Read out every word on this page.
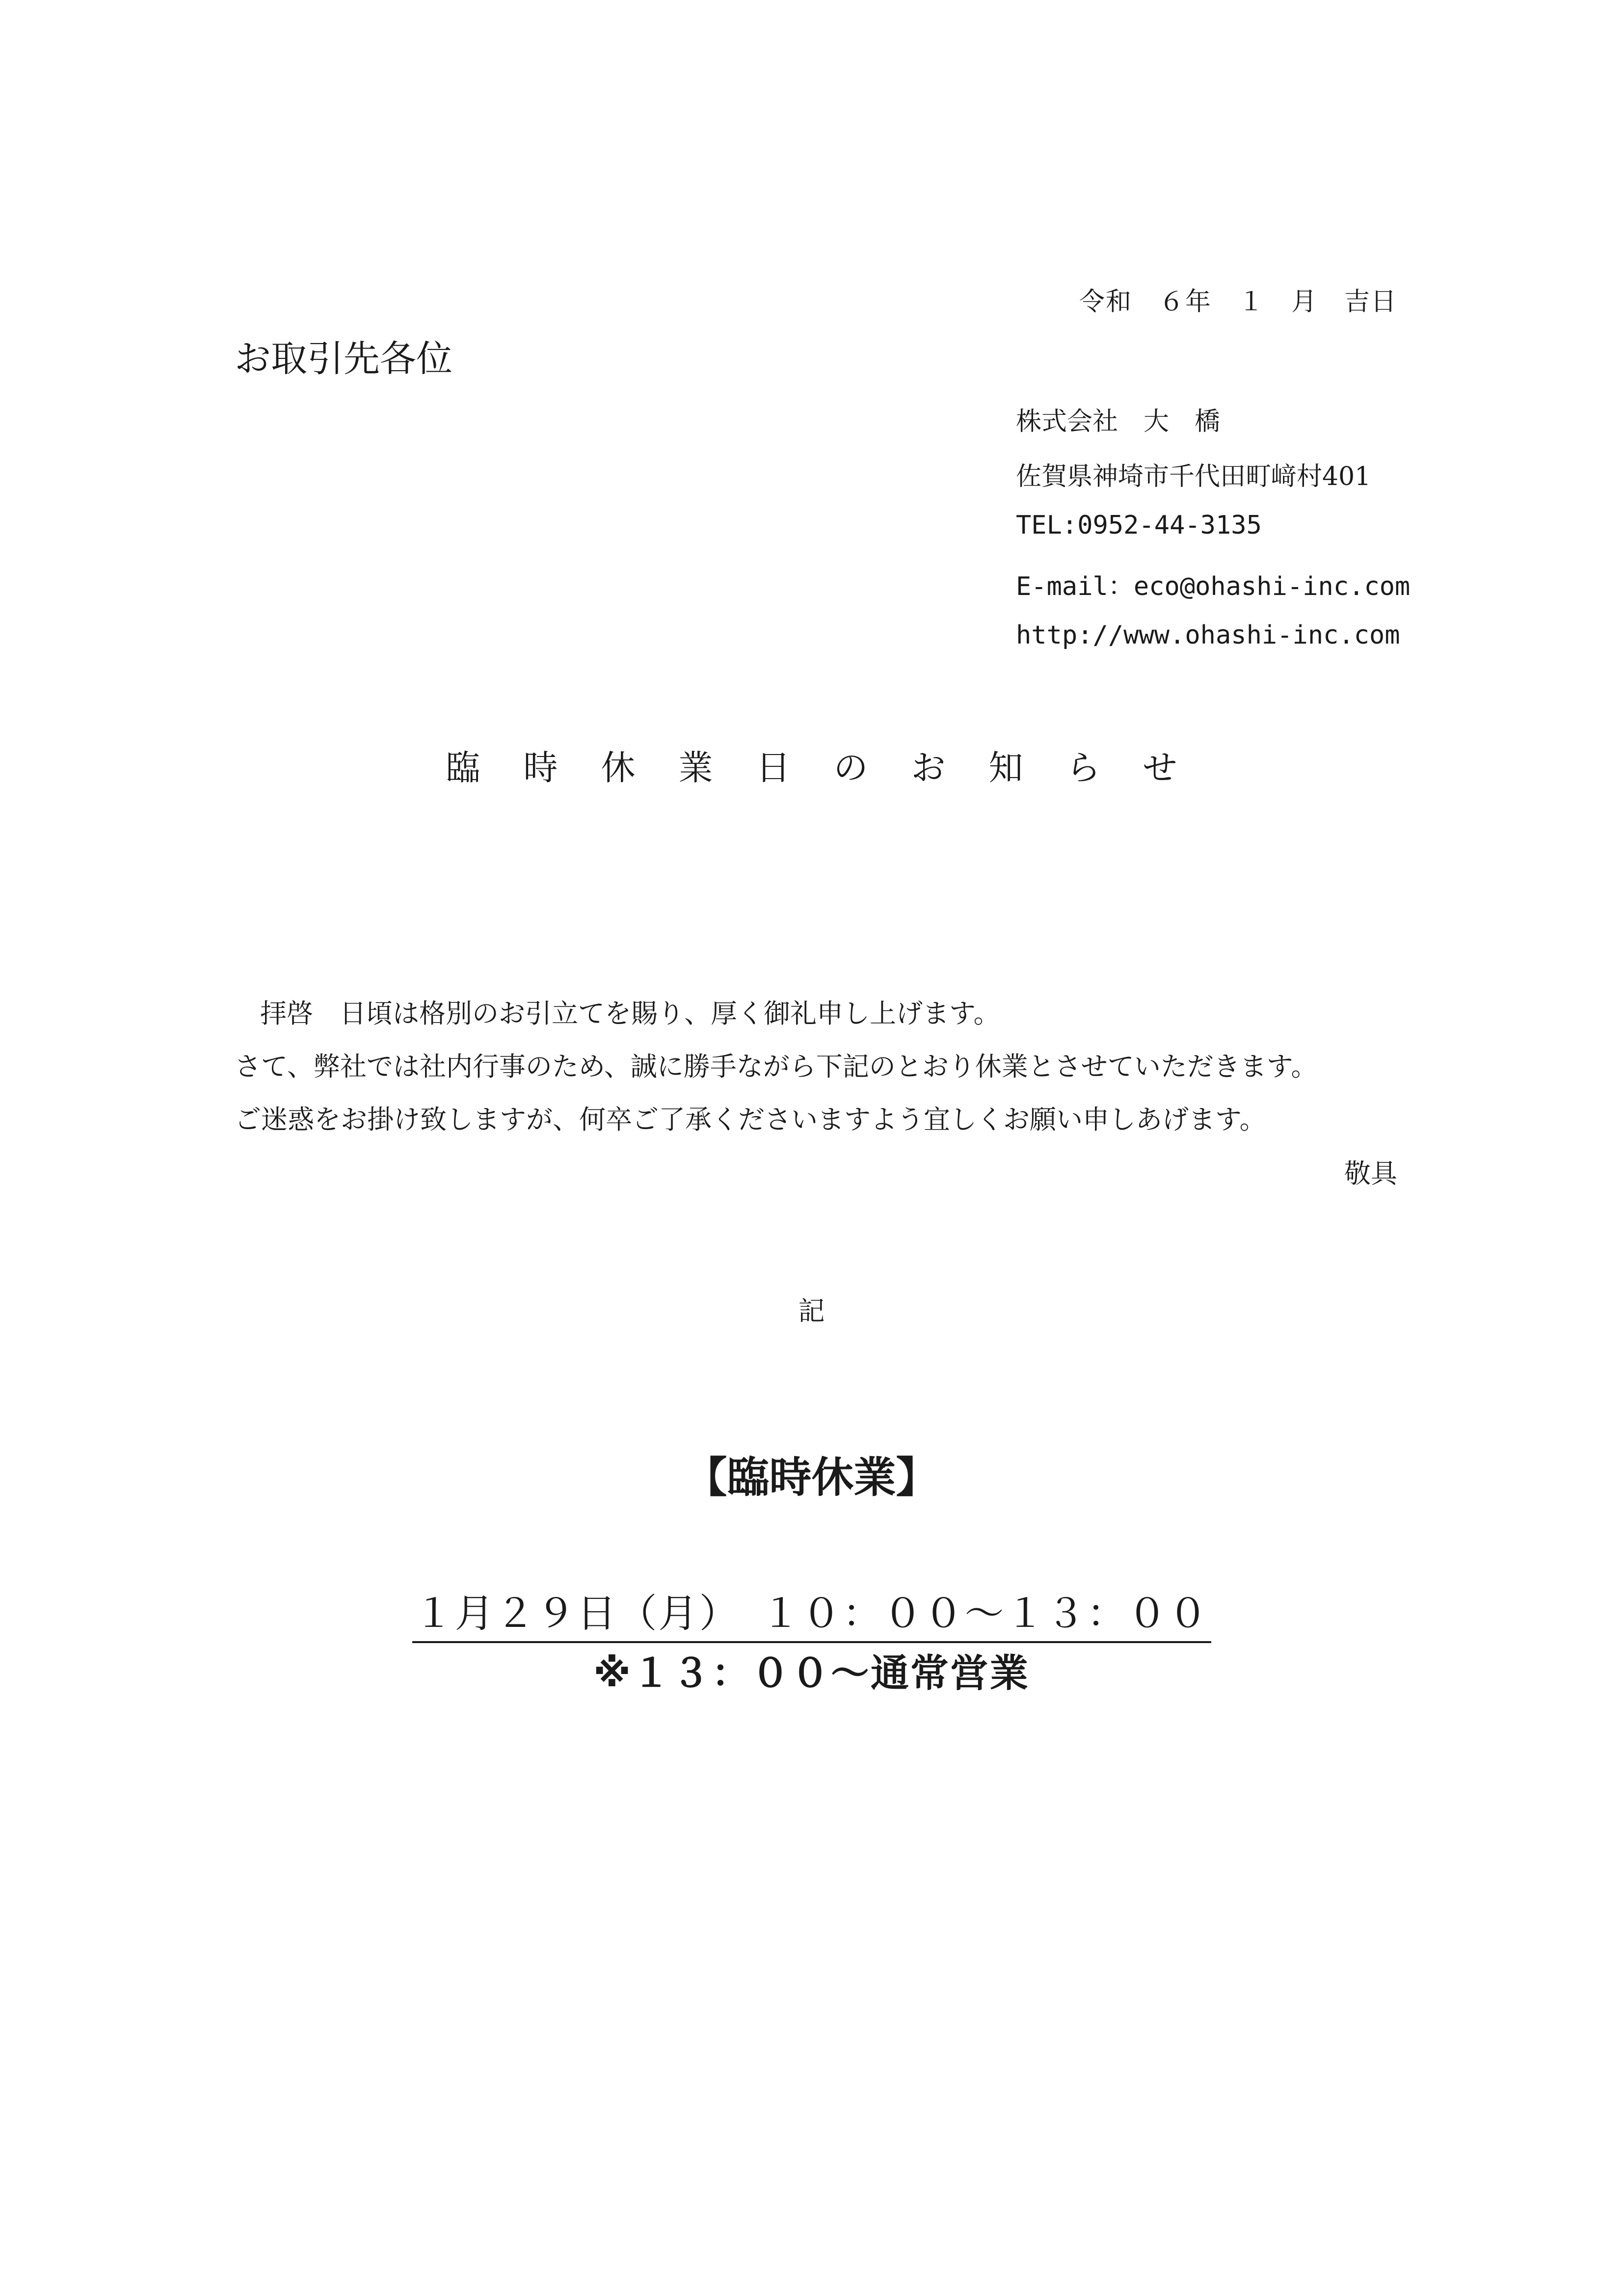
令和　６年　１　月　吉日
お取引先各位
株式会社　大　橋
佐賀県神埼市千代田町﨑村401
TEL:0952-44-3135
E-mail：eco@ohashi-inc.com
http://www.ohashi-inc.com
臨時休業日のお知らせ
拝啓　日頃は格別のお引立てを賜り、厚く御礼申し上げます。
さて、弊社では社内行事のため、誠に勝手ながら下記のとおり休業とさせていただきます。
ご迷惑をお掛け致しますが、何卒ご了承くださいますよう宜しくお願い申しあげます。
敬具
記
【臨時休業】
１月２９日（月）　１０：００～１３：００
※１３：００～通常営業
